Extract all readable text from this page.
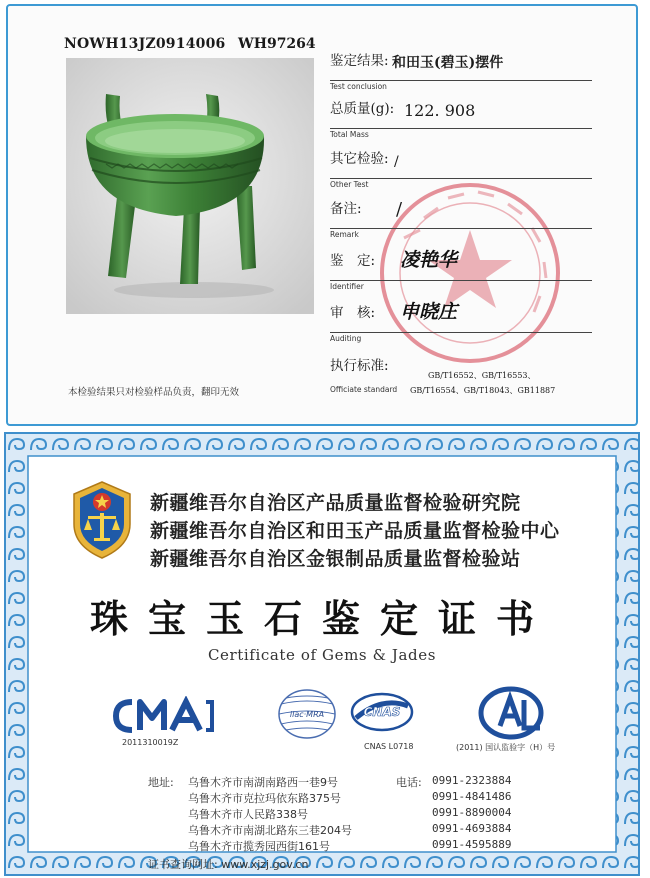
NOWH13JZ0914006 WH97264
本检验结果只对检验样品负责，翻印无效
鉴定结果:
Test conclusion
和田玉(碧玉)摆件
总质量(g):
Total Mass
122. 908
其它检验:
Other Test
/
备注:
Remark
/
鉴　定:
Identifier
凌艳华
审　核:
Auditing
申晓庄
执行标准:
Officiate standard
GB/T16552、GB/T16553、
GB/T16554、GB/T18043、GB11887
新疆维吾尔自治区产品质量监督检验研究院
新疆维吾尔自治区和田玉产品质量监督检验中心
新疆维吾尔自治区金银制品质量监督检验站
珠宝玉石鉴定证书
Certificate of Gems & Jades
2011310019Z
ilac·MRA	CNAS
CNAS L0718	(2011) 国认监验字（H）号
地址: 乌鲁木齐市南湖南路西一巷9号
乌鲁木齐市克拉玛依东路375号
乌鲁木齐市人民路338号
乌鲁木齐市南湖北路东三巷204号
乌鲁木齐市揽秀园西街161号
电话: 0991-2323884
0991-4841486
0991-8890004
0991-4693884
0991-4595889
证书查询网址: www.xjzj.gov.cn
